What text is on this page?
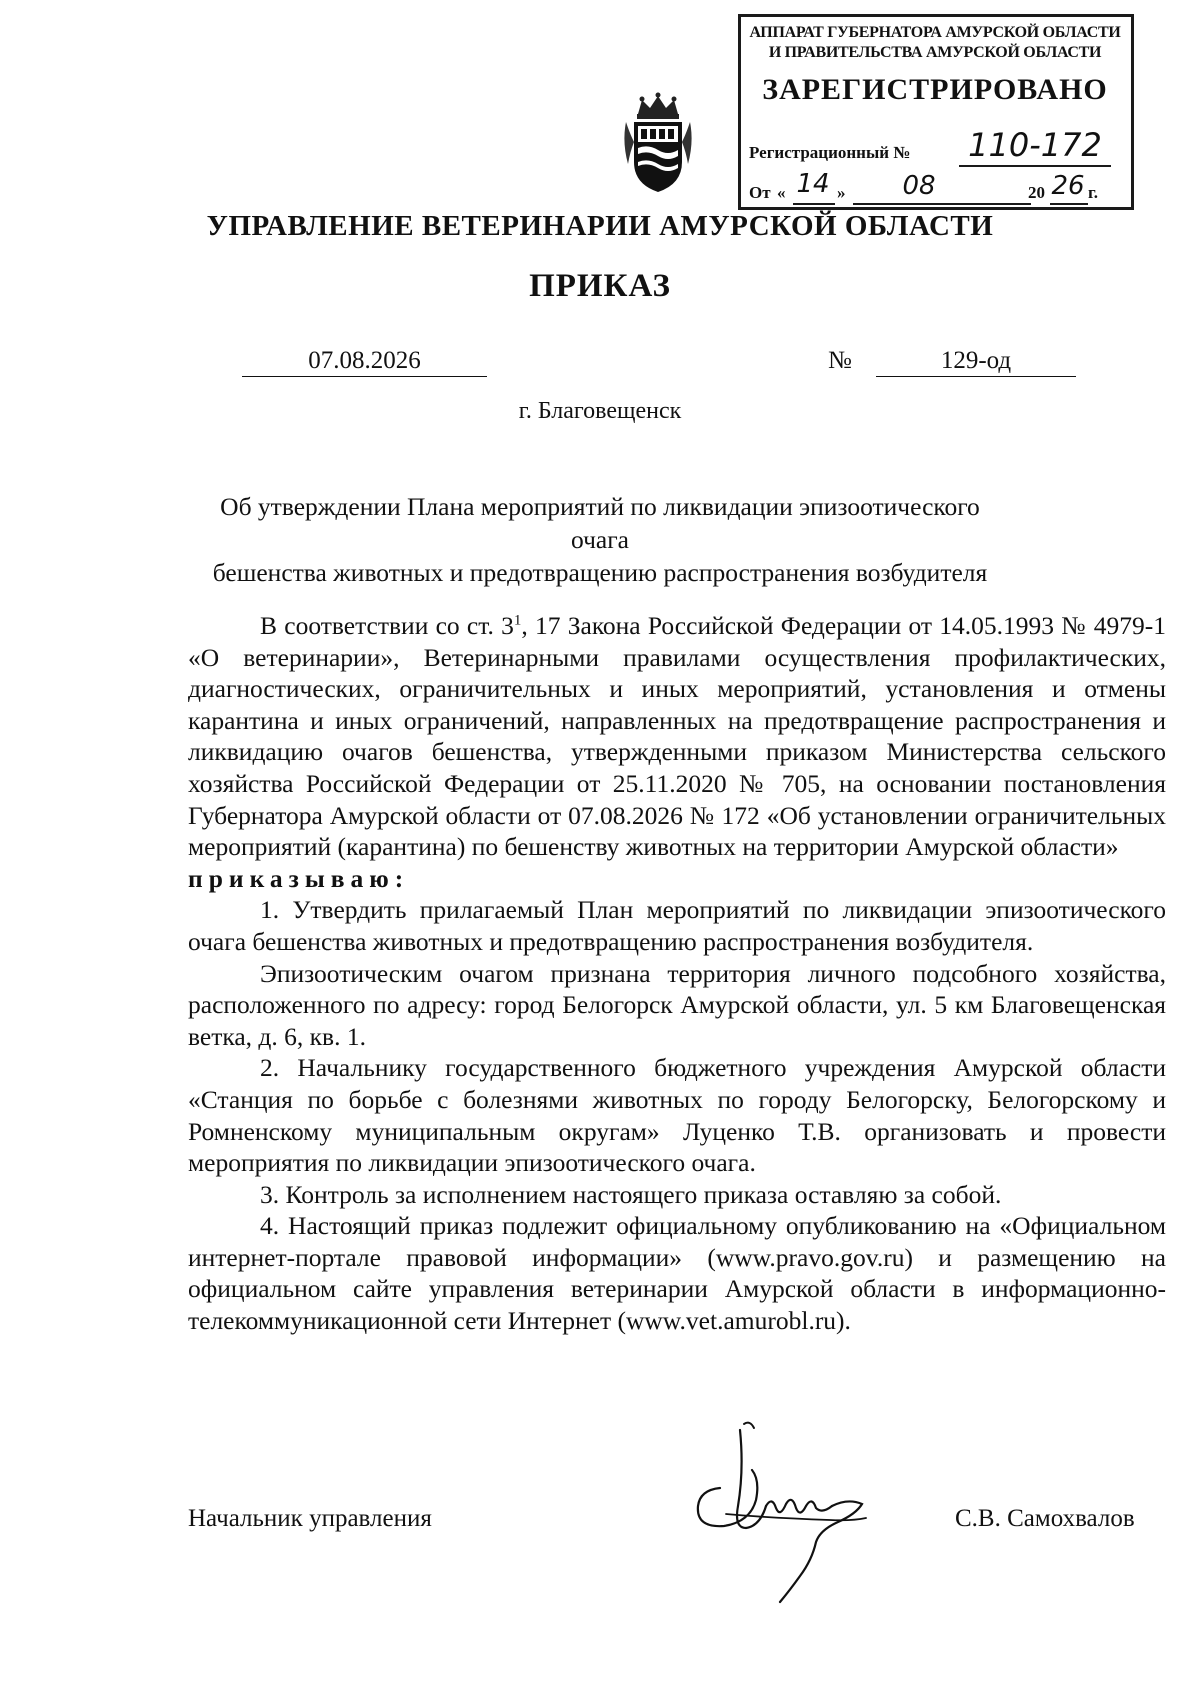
АППАРАТ ГУБЕРНАТОРА АМУРСКОЙ ОБЛАСТИ
И ПРАВИТЕЛЬСТВА АМУРСКОЙ ОБЛАСТИ
ЗАРЕГИСТРИРОВАНО
Регистрационный № 110-172
От « 14 »	08	20 26 г.
УПРАВЛЕНИЕ ВЕТЕРИНАРИИ АМУРСКОЙ ОБЛАСТИ
ПРИКАЗ
07.08.2026	№	129-од
г. Благовещенск
Об утверждении Плана мероприятий по ликвидации эпизоотического очага
бешенства животных и предотвращению распространения возбудителя

В соответствии со ст. $3^1$, 17 Закона Российской Федерации от 14.05.1993 № 4979-1 «О ветеринарии», Ветеринарными правилами осуществления профилактических, диагностических, ограничительных и иных мероприятий, установления и отмены карантина и иных ограничений, направленных на предотвращение распространения и ликвидацию очагов бешенства, утвержденными приказом Министерства сельского хозяйства Российской Федерации от 25.11.2020 № 705, на основании постановления Губернатора Амурской области от 07.08.2026 № 172 «Об установлении ограничительных мероприятий (карантина) по бешенству животных на территории Амурской области»

приказываю:

1. Утвердить прилагаемый План мероприятий по ликвидации эпизоотического очага бешенства животных и предотвращению распространения возбудителя.

Эпизоотическим очагом признана территория личного подсобного хозяйства, расположенного по адресу: город Белогорск Амурской области, ул. 5 км Благовещенская ветка, д. 6, кв. 1.

2. Начальнику государственного бюджетного учреждения Амурской области «Станция по борьбе с болезнями животных по городу Белогорску, Белогорскому и Ромненскому муниципальным округам» Луценко Т.В. организовать и провести мероприятия по ликвидации эпизоотического очага.

3. Контроль за исполнением настоящего приказа оставляю за собой.

4. Настоящий приказ подлежит официальному опубликованию на «Официальном интернет-портале правовой информации» (www.pravo.gov.ru) и размещению на официальном сайте управления ветеринарии Амурской области в информационно-телекоммуникационной сети Интернет (www.vet.amurobl.ru).

Начальник управления	С.В. Самохвалов
